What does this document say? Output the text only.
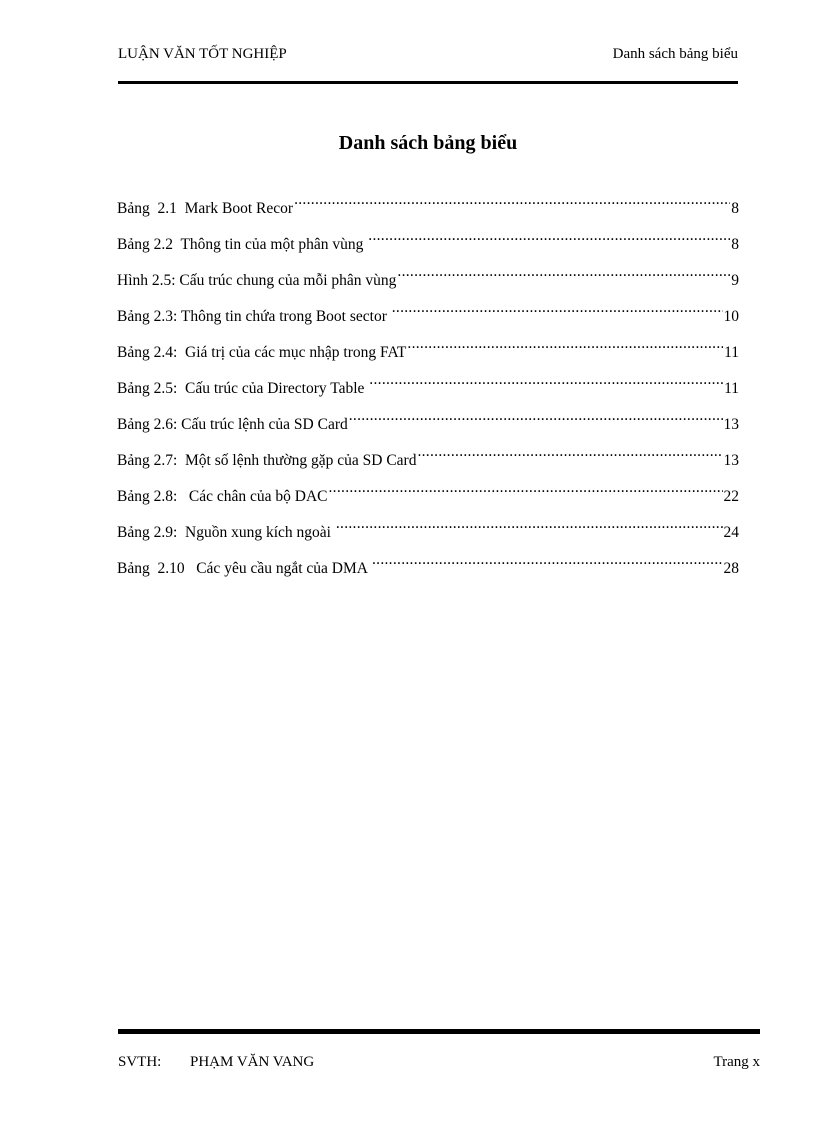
LUẬN VĂN TỐT NGHIỆP	Danh sách bảng biểu
Danh sách bảng biểu
Bảng  2.1  Mark Boot Recor .....	8
Bảng 2.2  Thông tin của một phân vùng .....	8
Hình 2.5: Cấu trúc chung của mỗi phân vùng .....	9
Bảng 2.3: Thông tin chứa trong Boot sector .....	10
Bảng 2.4:  Giá trị của các mục nhập trong FAT .....	11
Bảng 2.5:  Cấu trúc của Directory Table .....	11
Bảng 2.6: Cấu trúc lệnh của SD Card .....	13
Bảng 2.7:  Một số lệnh thường gặp của SD Card .....	13
Bảng 2.8:   Các chân của bộ DAC .....	22
Bảng 2.9:  Nguồn xung kích ngoài .....	24
Bảng  2.10   Các yêu cầu ngắt của DMA .....	28
SVTH:	PHẠM VĂN VANG	Trang x
